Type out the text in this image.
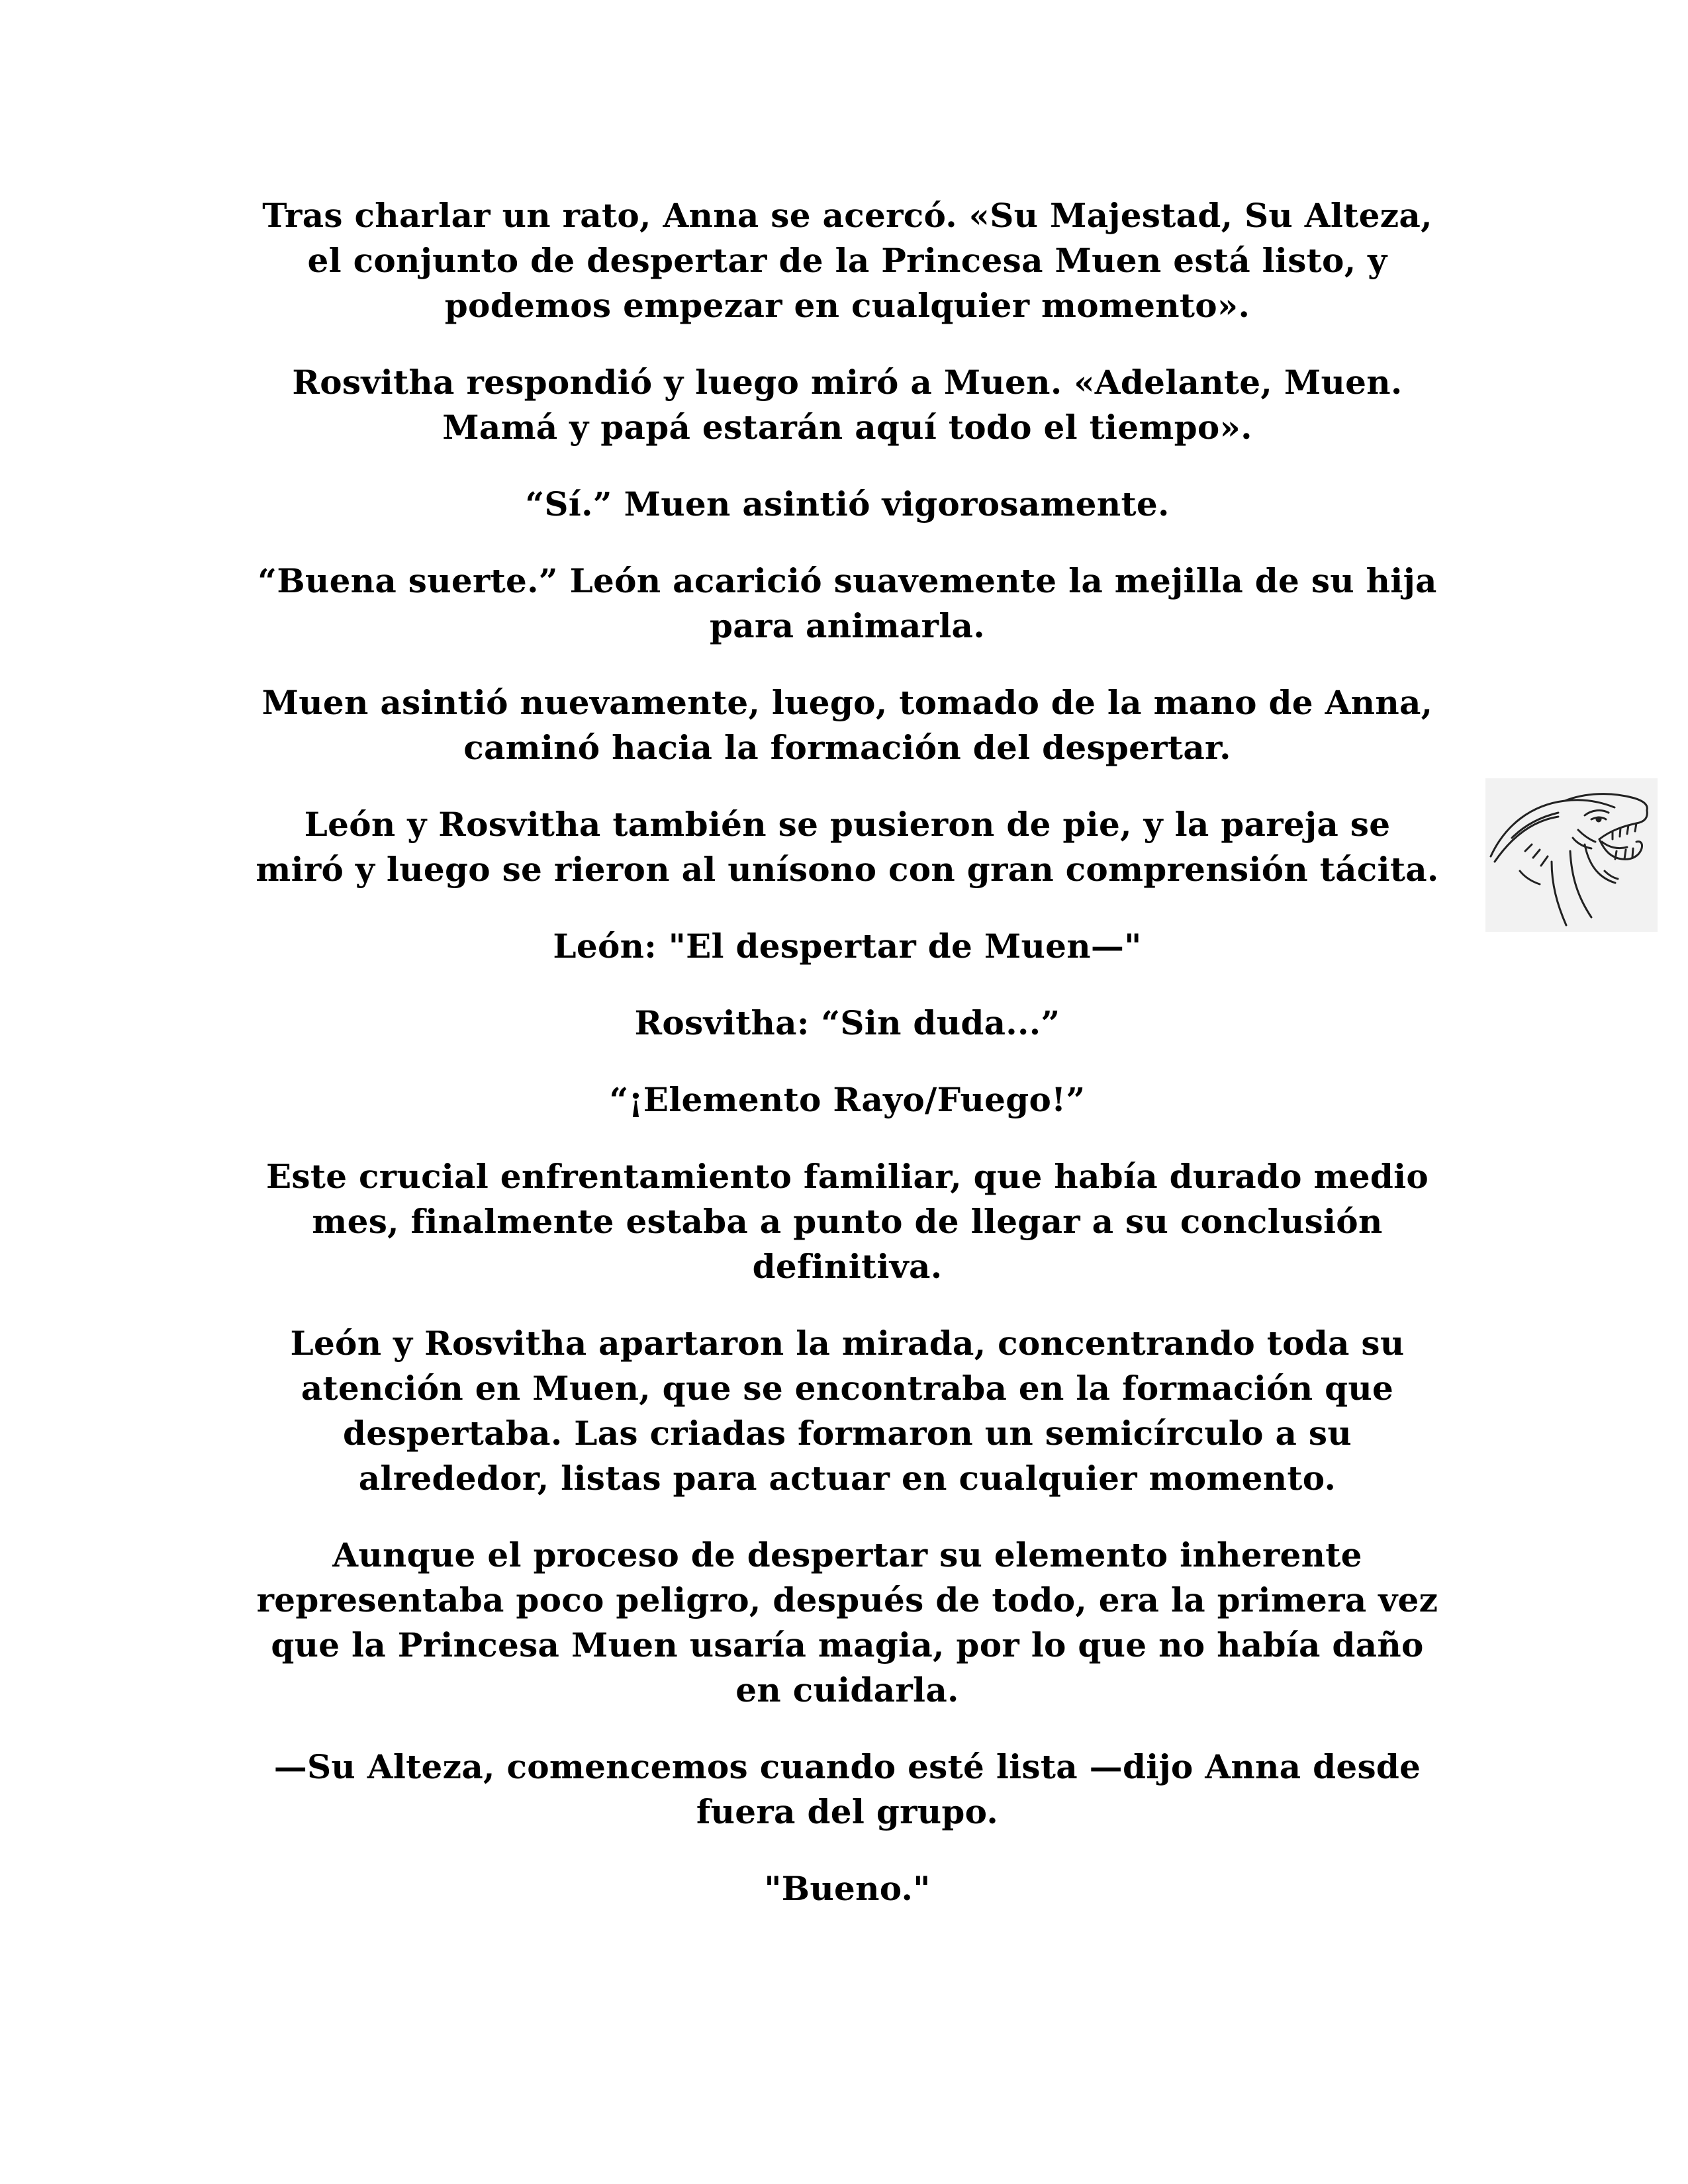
Tras charlar un rato, Anna se acercó. «Su Majestad, Su Alteza,
el conjunto de despertar de la Princesa Muen está listo, y
podemos empezar en cualquier momento».

Rosvitha respondió y luego miró a Muen. «Adelante, Muen.
Mamá y papá estarán aquí todo el tiempo».

“Sí.” Muen asintió vigorosamente.

“Buena suerte.” León acarició suavemente la mejilla de su hija
para animarla.

Muen asintió nuevamente, luego, tomado de la mano de Anna,
caminó hacia la formación del despertar.

León y Rosvitha también se pusieron de pie, y la pareja se
miró y luego se rieron al unísono con gran comprensión tácita.

León: "El despertar de Muen—"

Rosvitha: “Sin duda...”

“¡Elemento Rayo/Fuego!”

Este crucial enfrentamiento familiar, que había durado medio
mes, finalmente estaba a punto de llegar a su conclusión
definitiva.

León y Rosvitha apartaron la mirada, concentrando toda su
atención en Muen, que se encontraba en la formación que
despertaba. Las criadas formaron un semicírculo a su
alrededor, listas para actuar en cualquier momento.

Aunque el proceso de despertar su elemento inherente
representaba poco peligro, después de todo, era la primera vez
que la Princesa Muen usaría magia, por lo que no había daño
en cuidarla.

—Su Alteza, comencemos cuando esté lista —dijo Anna desde
fuera del grupo.

"Bueno."
